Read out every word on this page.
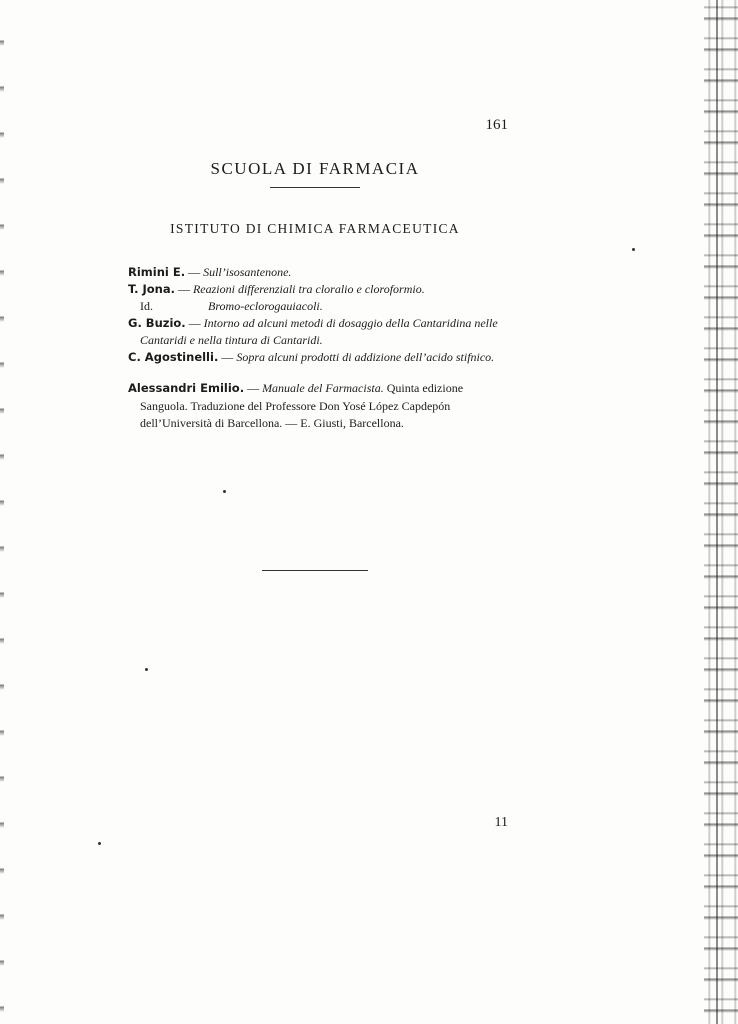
161
SCUOLA DI FARMACIA
ISTITUTO DI CHIMICA FARMACEUTICA
Rimini E. — Sull’isosantenone.
T. Jona. — Reazioni differenziali tra cloralio e cloroformio.
Id.	Bromo-eclorogauiacoli.
G. Buzio. — Intorno ad alcuni metodi di dosaggio della Cantaridina nelle Cantaridi e nella tintura di Cantaridi.
C. Agostinelli. — Sopra alcuni prodotti di addizione dell’acido stifnico.
Alessandri Emilio. — Manuale del Farmacista. Quinta edizione Sanguola. Traduzione del Professore Don Yosé López Capdepón dell’Università di Barcellona. — E. Giusti, Barcellona.
11
